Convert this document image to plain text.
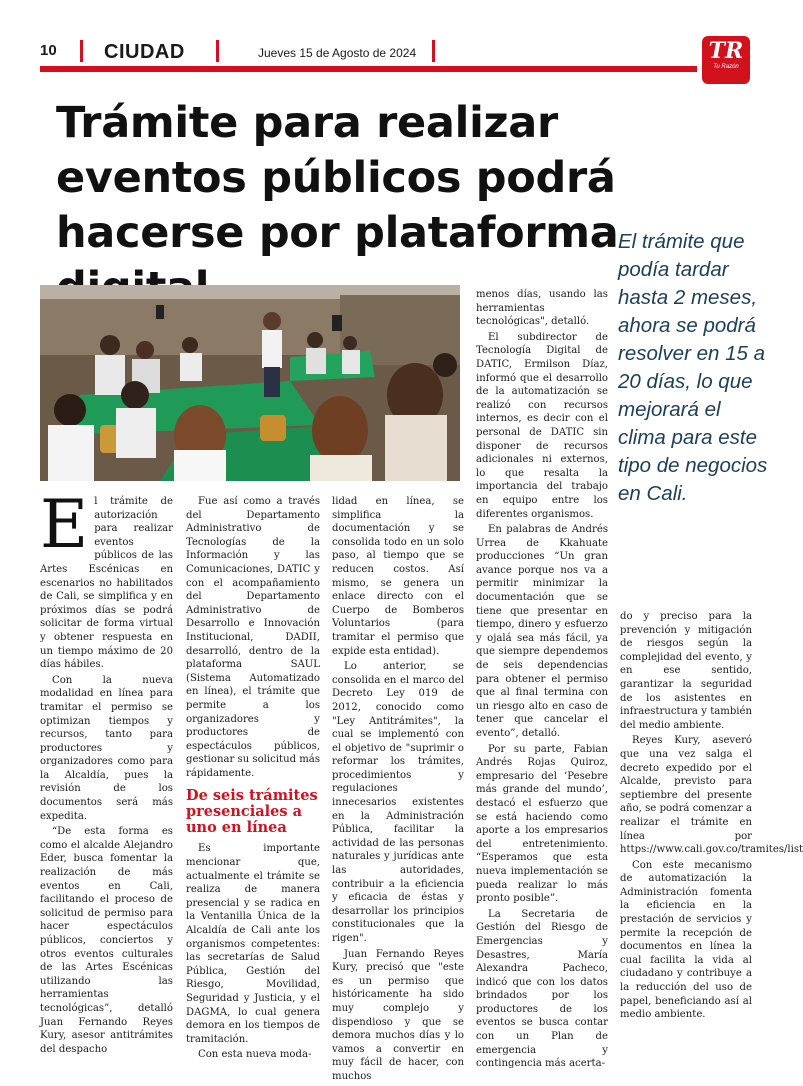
10 CIUDAD	Jueves 15 de Agosto de 2024	TR
Tu Razón
Trámite para realizar eventos públicos podrá hacerse por plataforma El trámite que podía tardar hasta 2 meses, ahora se podrá resolver en 15 a 20 días, lo que mejorará el clima para este tipo de negocios en Cali.

El trámite de autorización para realizar eventos públicos de las Artes Escénicas en escenarios no habilitados de Cali, se simplifica y en próximos días se podrá solicitar de forma virtual y obtener respuesta en un tiempo máximo de 20 días hábiles.

Con la nueva modalidad en línea para tramitar el permiso se optimizan tiempos y recursos, tanto para productores y organizadores como para la Alcaldía, pues la revisión de los documentos será más expedita.

“De esta forma es como el alcalde Alejandro Eder, busca fomentar la realización de más eventos en Cali, facilitando el proceso de solicitud de permiso para hacer espectáculos públicos, conciertos y otros eventos culturales de las Artes Escénicas utilizando las herramientas tecnológicas”, detalló Juan Fernando Reyes Kury, asesor antitrámites del despacho

Fue así como a través del Departamento Administrativo de Tecnologías de la Información y las Comunicaciones, DATIC y con el acompañamiento del Departamento Administrativo de Desarrollo e Innovación Institucional, DADII, desarrolló, dentro de la plataforma SAUL (Sistema Automatizado en línea), el trámite que permite a los organizadores y productores de espectáculos públicos, gestionar su solicitud más rápidamente.

De seis trámites presenciales a uno en línea

Es importante mencionar que, actualmente el trámite se realiza de manera presencial y se radica en la Ventanilla Única de la Alcaldía de Cali ante los organismos competentes: las secretarías de Salud Pública, Gestión del Riesgo, Movilidad, Seguridad y Justicia, y el DAGMA, lo cual genera demora en los tiempos de tramitación.

Con esta nueva moda-

lidad en línea, se simplifica la documentación y se consolida todo en un solo paso, al tiempo que se reducen costos. Así mismo, se genera un enlace directo con el Cuerpo de Bomberos Voluntarios (para tramitar el permiso que expide esta entidad).

Lo anterior, se consolida en el marco del Decreto Ley 019 de 2012, conocido como "Ley Antitrámites", la cual se implementó con el objetivo de "suprimir o reformar los trámites, procedimientos y regulaciones innecesarios existentes en la Administración Pública, facilitar la actividad de las personas naturales y jurídicas ante las autoridades, contribuir a la eficiencia y eficacia de éstas y desarrollar los principios constitucionales que la rigen".

Juan Fernando Reyes Kury, precisó que "este es un permiso que históricamente ha sido muy complejo y dispendioso y que se demora muchos días y lo vamos a convertir en muy fácil de hacer, con muchos

menos días, usando las herramientas tecnológicas", detalló.

El subdirector de Tecnología Digital de DATIC, Ermilson Díaz, informó que el desarrollo de la automatización se realizó con recursos internos, es decir con el personal de DATIC sin disponer de recursos adicionales ni externos, lo que resalta la importancia del trabajo en equipo entre los diferentes organismos.

En palabras de Andrés Urrea de Kkahuate producciones “Un gran avance porque nos va a permitir minimizar la documentación que se tiene que presentar en tiempo, dinero y esfuerzo y ojalá sea más fácil, ya que siempre dependemos de seis dependencias para obtener el permiso que al final termina con un riesgo alto en caso de tener que cancelar el evento”, detalló.

Por su parte, Fabian Andrés Rojas Quiroz, empresario del ‘Pesebre más grande del mundo’, destacó el esfuerzo que se está haciendo como aporte a los empresarios del entretenimiento. “Esperamos que esta nueva implementación se pueda realizar lo más pronto posible”.

La Secretaria de Gestión del Riesgo de Emergencias y Desastres, María Alexandra Pacheco, indicó que con los datos brindados por los productores de los eventos se busca contar con un Plan de emergencia y contingencia más acerta-

do y preciso para la prevención y mitigación de riesgos según la complejidad del evento, y en ese sentido, garantizar la seguridad de los asistentes en infraestructura y también del medio ambiente.

Reyes Kury, aseveró que una vez salga el decreto expedido por el Alcalde, previsto para septiembre del presente año, se podrá comenzar a realizar el trámite en línea por https://www.cali.gov.co/tramites/list

Con este mecanismo de automatización la Administración fomenta la eficiencia en la prestación de servicios y permite la recepción de documentos en línea la cual facilita la vida al ciudadano y contribuye a la reducción del uso de papel, beneficiando así al medio ambiente.
